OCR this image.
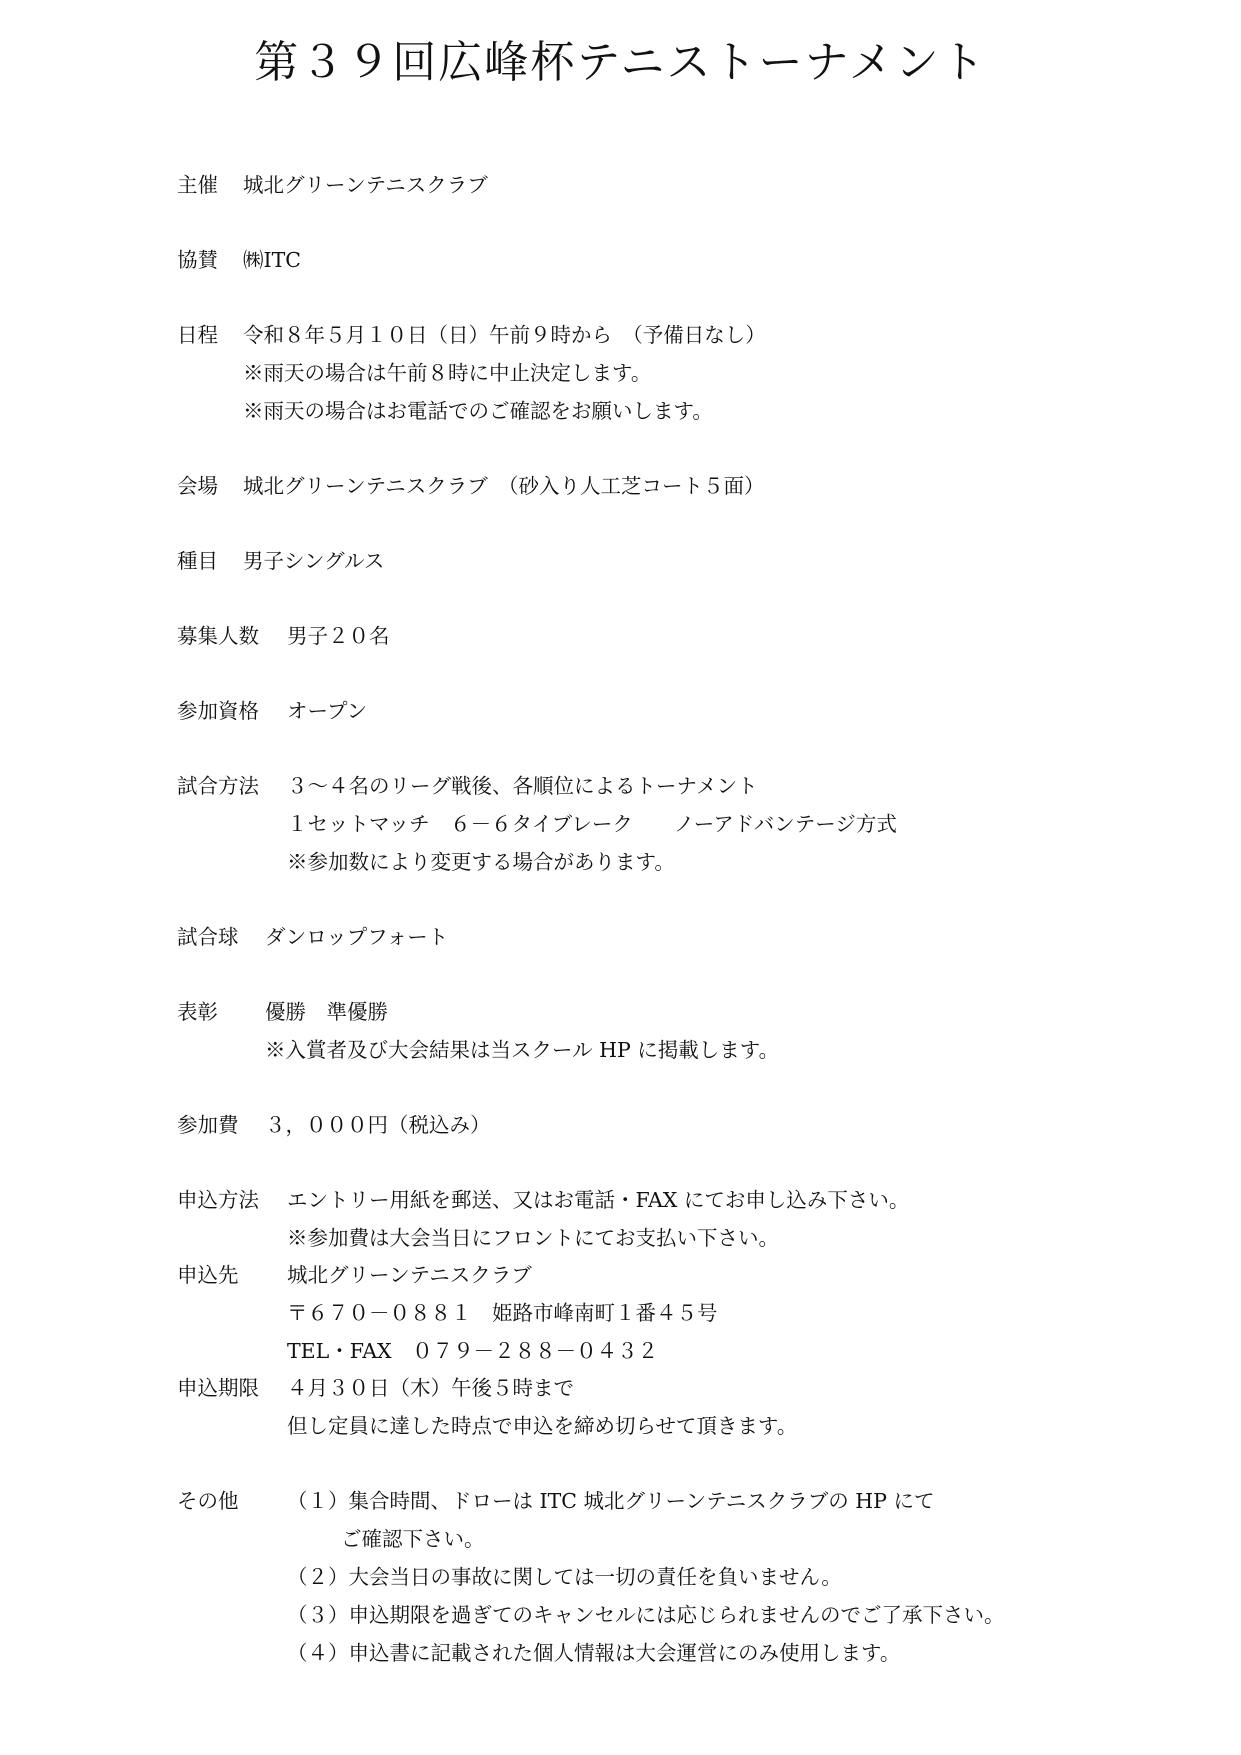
第３９回広峰杯テニストーナメント
主催 城北グリーンテニスクラブ
協賛 ㈱ITC
日程 令和８年５月１０日（日）午前９時から　（予備日なし）
※雨天の場合は午前８時に中止決定します。
※雨天の場合はお電話でのご確認をお願いします。
会場 城北グリーンテニスクラブ　（砂入り人工芝コート５面）
種目 男子シングルス
募集人数 男子２０名
参加資格 オープン
試合方法 ３～４名のリーグ戦後、各順位によるトーナメント
１セットマッチ　６－６タイブレーク　　ノーアドバンテージ方式
※参加数により変更する場合があります。
試合球 ダンロップフォート
表彰 優勝　準優勝
※入賞者及び大会結果は当スクール HP に掲載します。
参加費 ３，０００円（税込み）
申込方法 エントリー用紙を郵送、又はお電話・FAX にてお申し込み下さい。
※参加費は大会当日にフロントにてお支払い下さい。
申込先 城北グリーンテニスクラブ
〒６７０－０８８１　姫路市峰南町１番４５号
TEL・FAX　０７９－２８８－０４３２
申込期限 ４月３０日（木）午後５時まで
但し定員に達した時点で申込を締め切らせて頂きます。
その他 （１）集合時間、ドローは ITC 城北グリーンテニスクラブの HP にて
ご確認下さい。
（２）大会当日の事故に関しては一切の責任を負いません。
（３）申込期限を過ぎてのキャンセルには応じられませんのでご了承下さい。
（４）申込書に記載された個人情報は大会運営にのみ使用します。
